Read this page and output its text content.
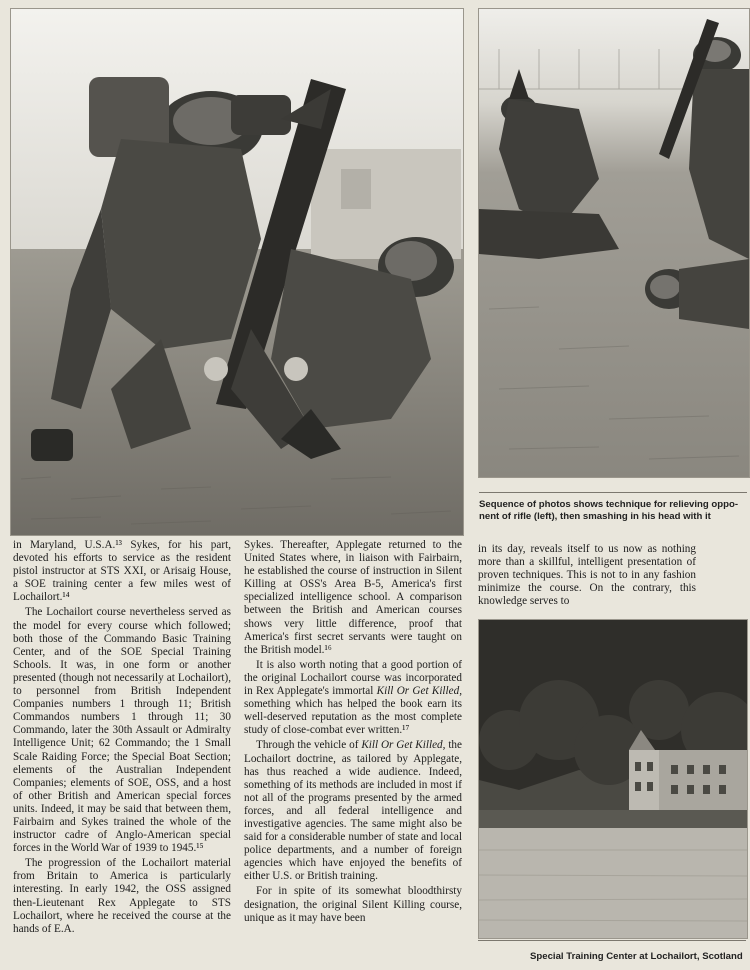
Sequence of photos shows technique for relieving oppo-
nent of rifle (left), then smashing in his head with it
Special Training Center at Lochailort, Scotland

in Maryland, U.S.A.¹³ Sykes, for his part, devoted his efforts to service as the resident pistol instructor at STS XXI, or Arisaig House, a SOE training center a few miles west of Lochailort.¹⁴

The Lochailort course nevertheless served as the model for every course which followed; both those of the Commando Basic Training Center, and of the SOE Special Training Schools. It was, in one form or another presented (though not necessarily at Lochailort), to personnel from British Independent Companies numbers 1 through 11; British Commandos numbers 1 through 11; 30 Commando, later the 30th Assault or Admiralty Intelligence Unit; 62 Commando; the 1 Small Scale Raiding Force; the Special Boat Section; elements of the Australian Independent Companies; elements of SOE, OSS, and a host of other British and American special forces units. Indeed, it may be said that between them, Fairbairn and Sykes trained the whole of the instructor cadre of Anglo-American special forces in the World War of 1939 to 1945.¹⁵

The progression of the Lochailort material from Britain to America is particularly interesting. In early 1942, the OSS assigned then-Lieutenant Rex Applegate to STS Lochailort, where he received the course at the hands of E.A.

Sykes. Thereafter, Applegate returned to the United States where, in liaison with Fairbairn, he established the course of instruction in Silent Killing at OSS's Area B-5, America's first specialized intelligence school. A comparison between the British and American courses shows very little difference, proof that America's first secret servants were taught on the British model.¹⁶

It is also worth noting that a good portion of the original Lochailort course was incorporated in Rex Applegate's immortal Kill Or Get Killed, something which has helped the book earn its well-deserved reputation as the most complete study of close-combat ever written.¹⁷

Through the vehicle of Kill Or Get Killed, the Lochailort doctrine, as tailored by Applegate, has thus reached a wide audience. Indeed, something of its methods are included in most if not all of the programs presented by the armed forces, and all federal intelligence and investigative agencies. The same might also be said for a considerable number of state and local police departments, and a number of foreign agencies which have enjoyed the benefits of either U.S. or British training.

For in spite of its somewhat bloodthirsty designation, the original Silent Killing course, unique as it may have been

in its day, reveals itself to us now as nothing more than a skillful, intelligent presentation of proven techniques. This is not to in any fashion minimize the course. On the contrary, this knowledge serves to
